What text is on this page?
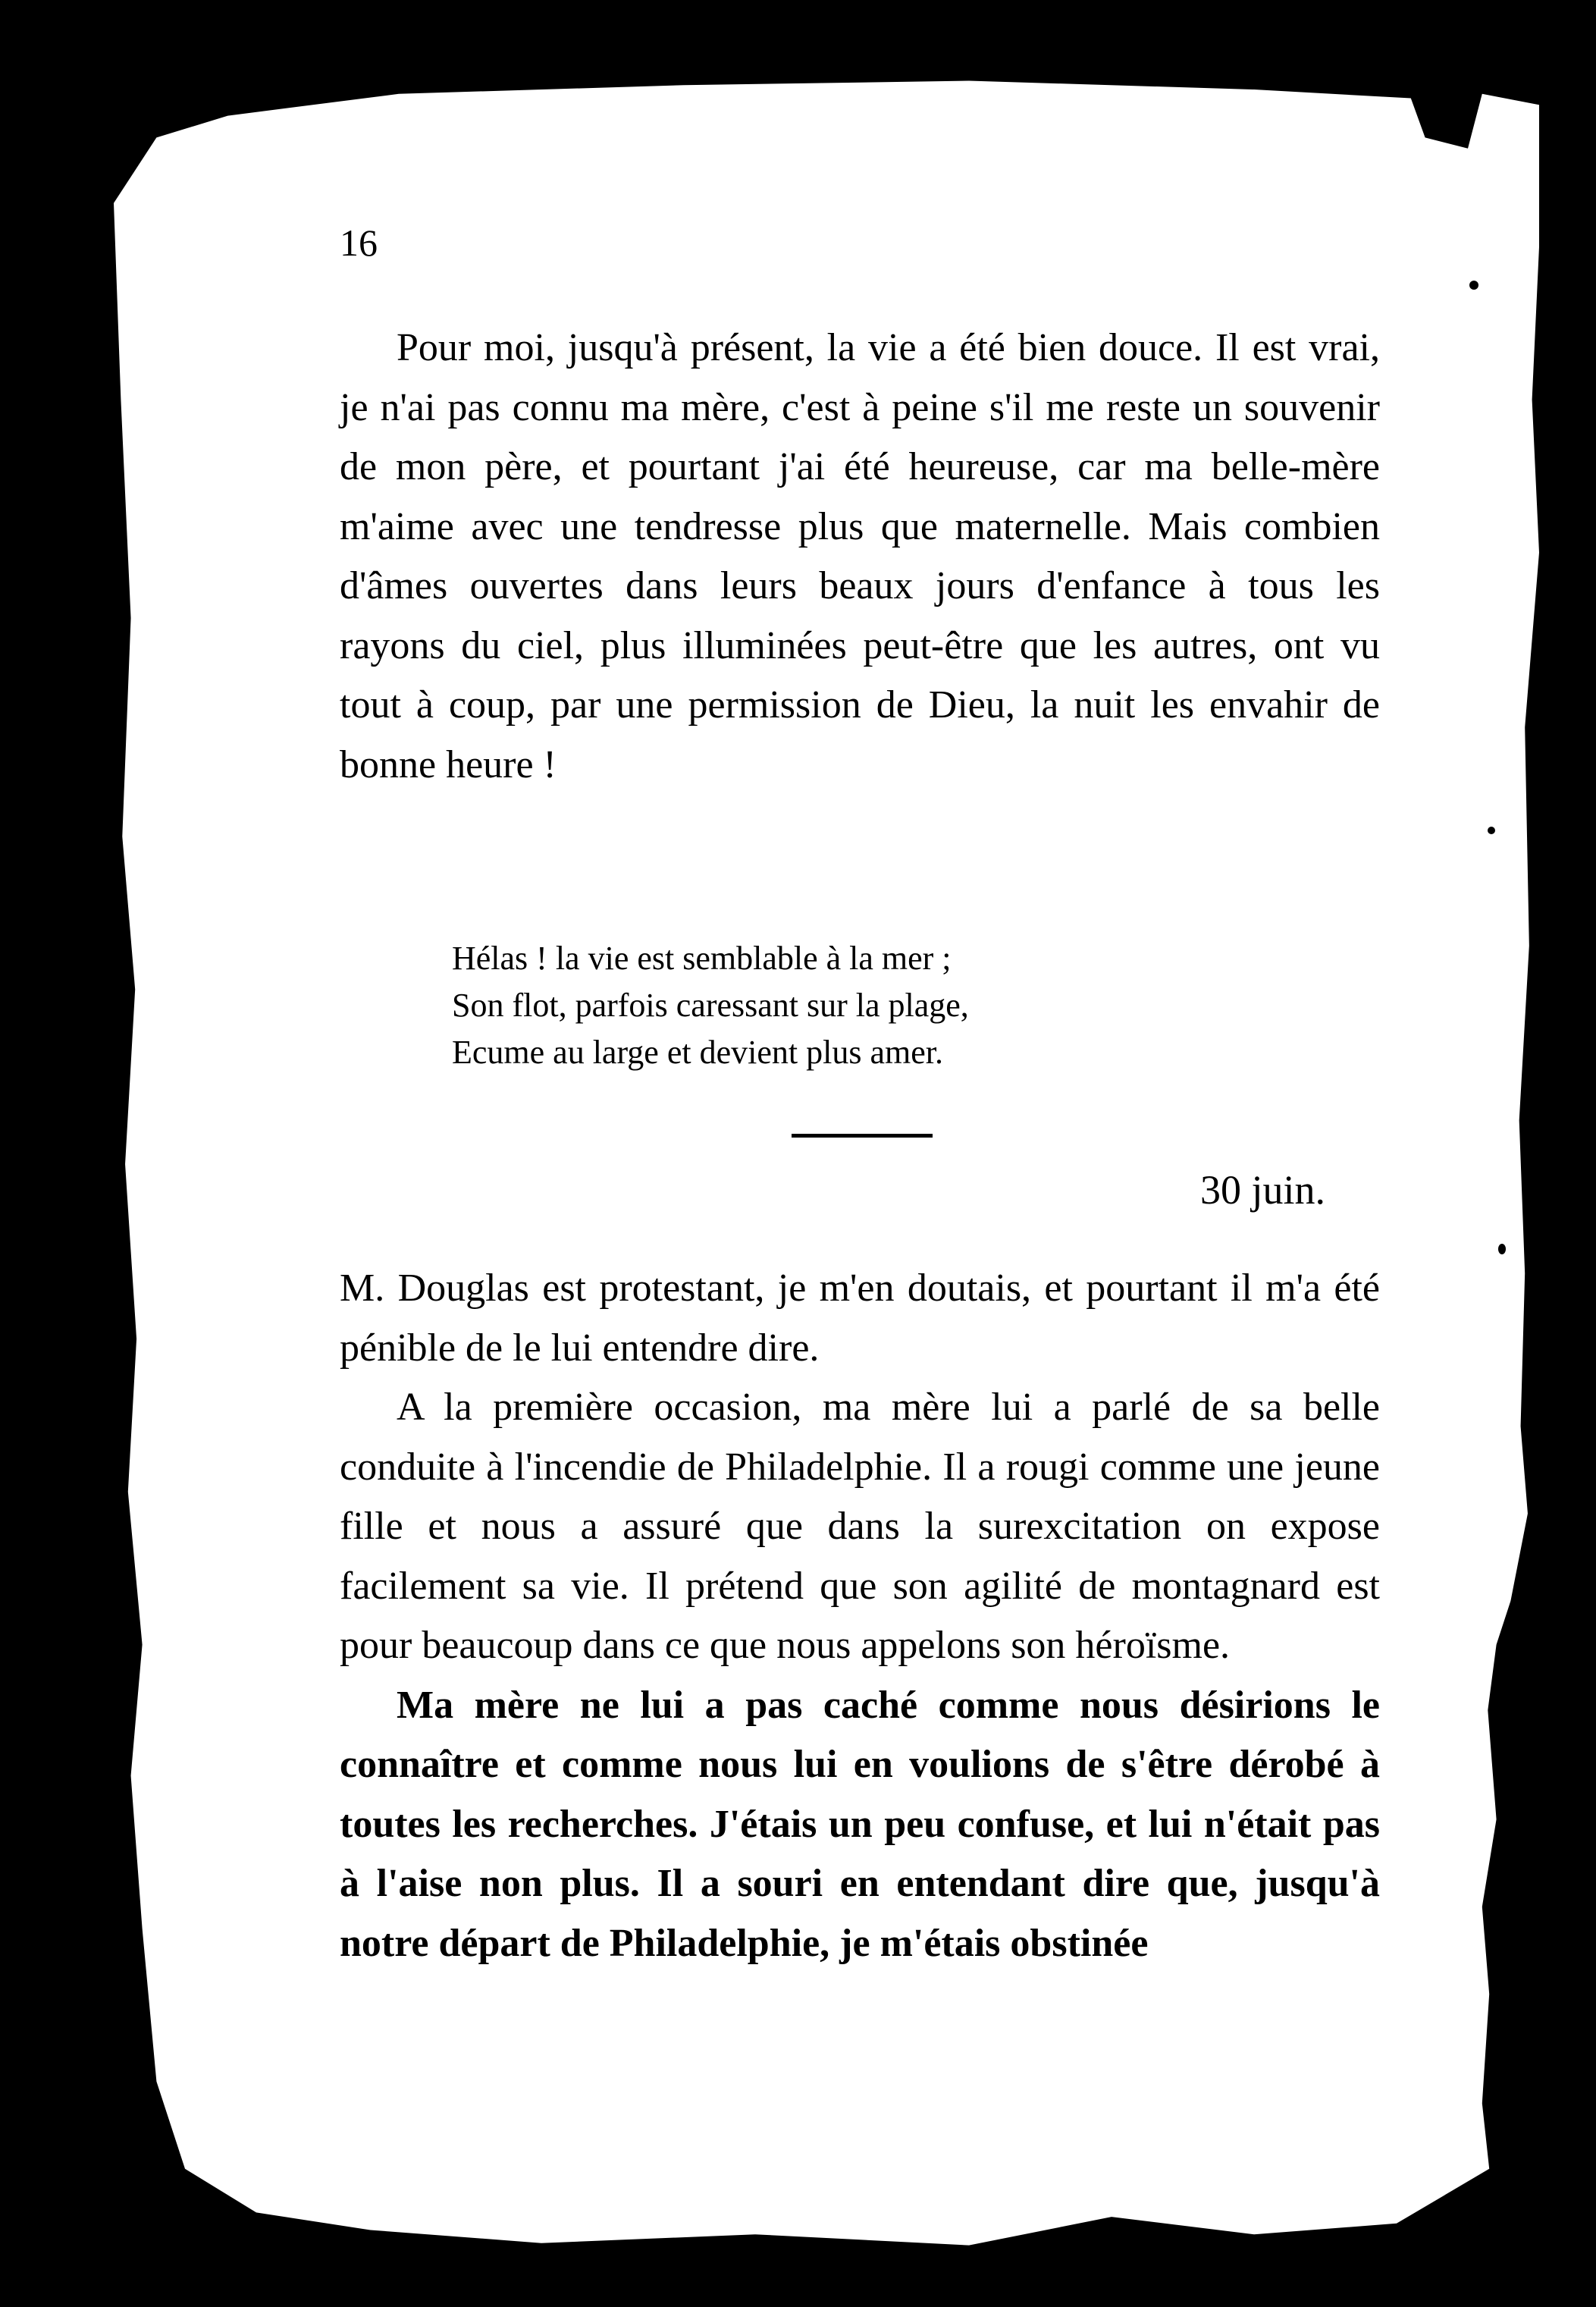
16

Pour moi, jusqu'à présent, la vie a été bien douce. Il est vrai, je n'ai pas connu ma mère, c'est à peine s'il me reste un souvenir de mon père, et pourtant j'ai été heureuse, car ma belle-mère m'aime avec une tendresse plus que maternelle. Mais combien d'âmes ouvertes dans leurs beaux jours d'enfance à tous les rayons du ciel, plus illuminées peut-être que les autres, ont vu tout à coup, par une permission de Dieu, la nuit les envahir de bonne heure !

Hélas ! la vie est semblable à la mer ;
Son flot, parfois caressant sur la plage,
Ecume au large et devient plus amer.
30 juin.

M. Douglas est protestant, je m'en doutais, et pourtant il m'a été pénible de le lui entendre dire.

A la première occasion, ma mère lui a parlé de sa belle conduite à l'incendie de Philadelphie. Il a rougi comme une jeune fille et nous a assuré que dans la surexcitation on expose facilement sa vie. Il prétend que son agilité de montagnard est pour beaucoup dans ce que nous appelons son héroïsme.

Ma mère ne lui a pas caché comme nous désirions le connaître et comme nous lui en voulions de s'être dérobé à toutes les recherches. J'étais un peu confuse, et lui n'était pas à l'aise non plus. Il a souri en entendant dire que, jusqu'à notre départ de Philadelphie, je m'étais obstinée
